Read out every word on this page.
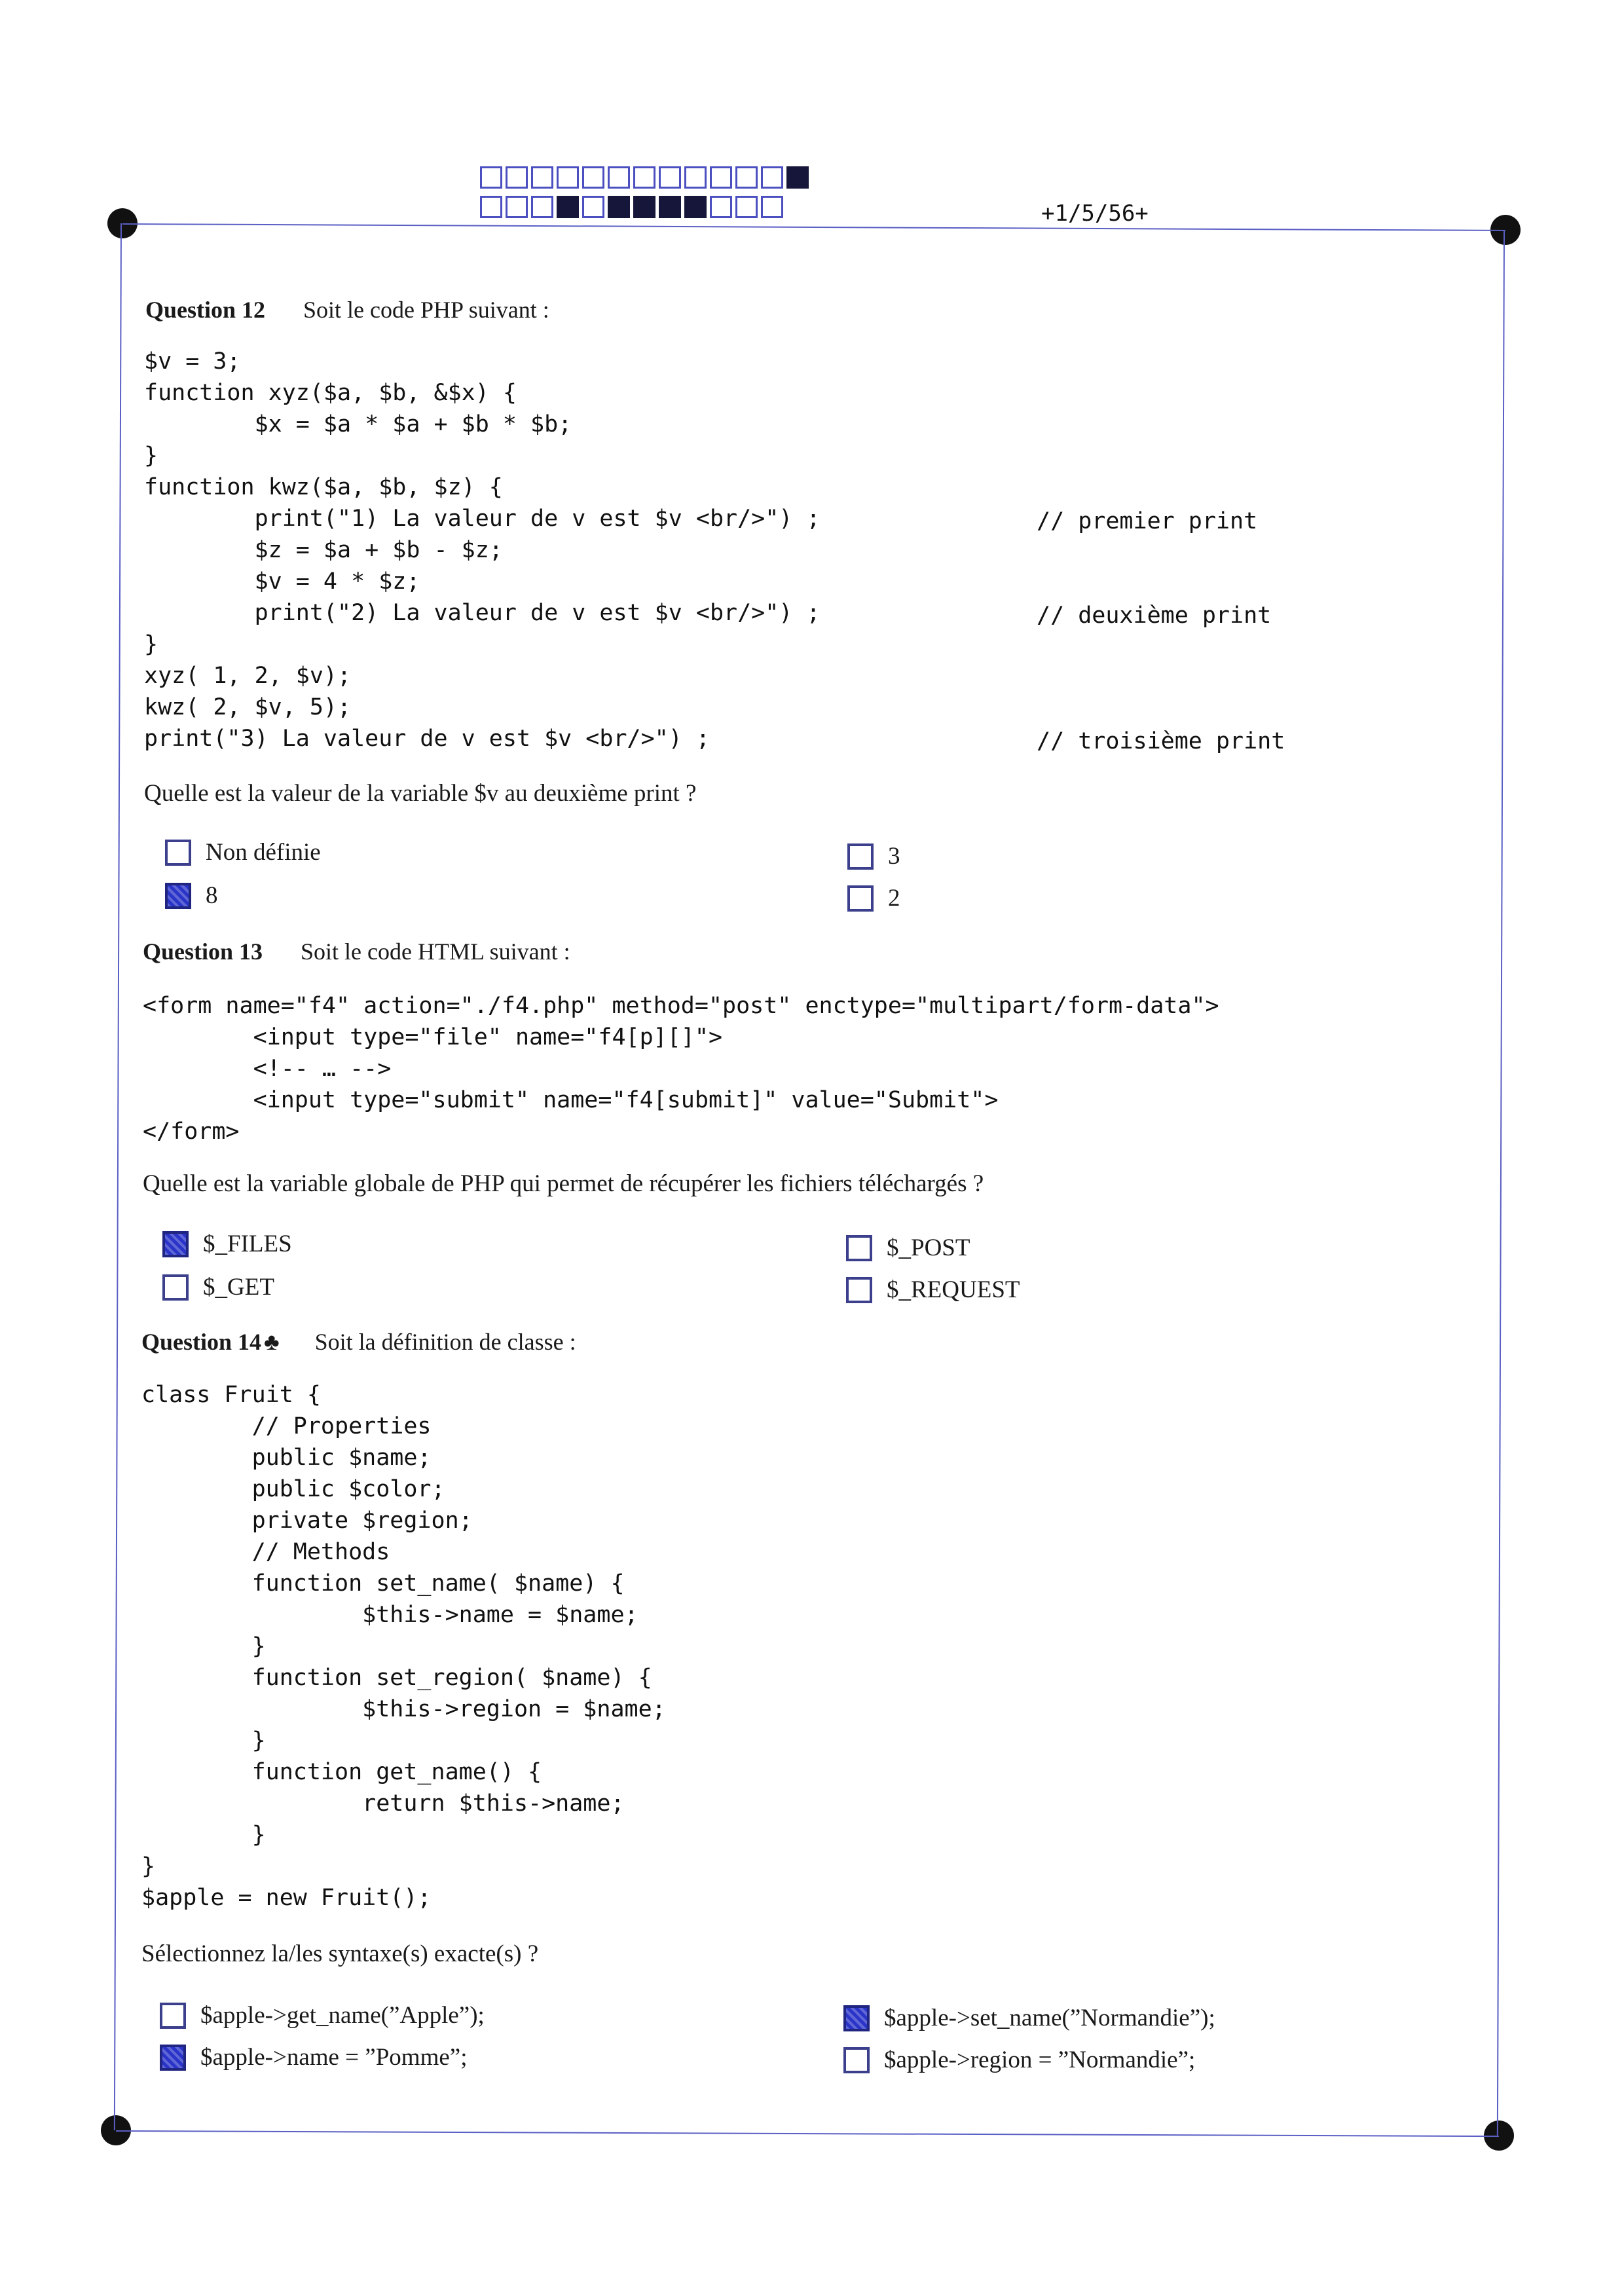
+1/5/56+
Question 12 Soit le code PHP suivant :
$v = 3;
function xyz($a, $b, &$x) {
$x = $a * $a + $b * $b;
}
function kwz($a, $b, $z) {
print("1) La valeur de v est $v <br/>") ;
$z = $a + $b - $z;
$v = 4 * $z;
print("2) La valeur de v est $v <br/>") ;
}
xyz( 1, 2, $v);
kwz( 2, $v, 5);
print("3) La valeur de v est $v <br/>") ;
// premier print
// deuxième print
// troisième print
Quelle est la valeur de la variable $v au deuxième print ?
Non définie
8
3
2
Question 13 Soit le code HTML suivant :
<form name="f4" action="./f4.php" method="post" enctype="multipart/form-data">
<input type="file" name="f4[p][]">
<!-- … -->
<input type="submit" name="f4[submit]" value="Submit">
</form>
Quelle est la variable globale de PHP qui permet de récupérer les fichiers téléchargés ?
$_FILES
$_GET
$_POST
$_REQUEST
Question 14 ♣ Soit la définition de classe :
class Fruit {
// Properties
public $name;
public $color;
private $region;
// Methods
function set_name( $name) {
$this->name = $name;
}
function set_region( $name) {
$this->region = $name;
}
function get_name() {
return $this->name;
}
}
$apple = new Fruit();
Sélectionnez la/les syntaxe(s) exacte(s) ?
$apple->get_name(”Apple”);
$apple->name = ”Pomme”;
$apple->set_name(”Normandie”);
$apple->region = ”Normandie”;
